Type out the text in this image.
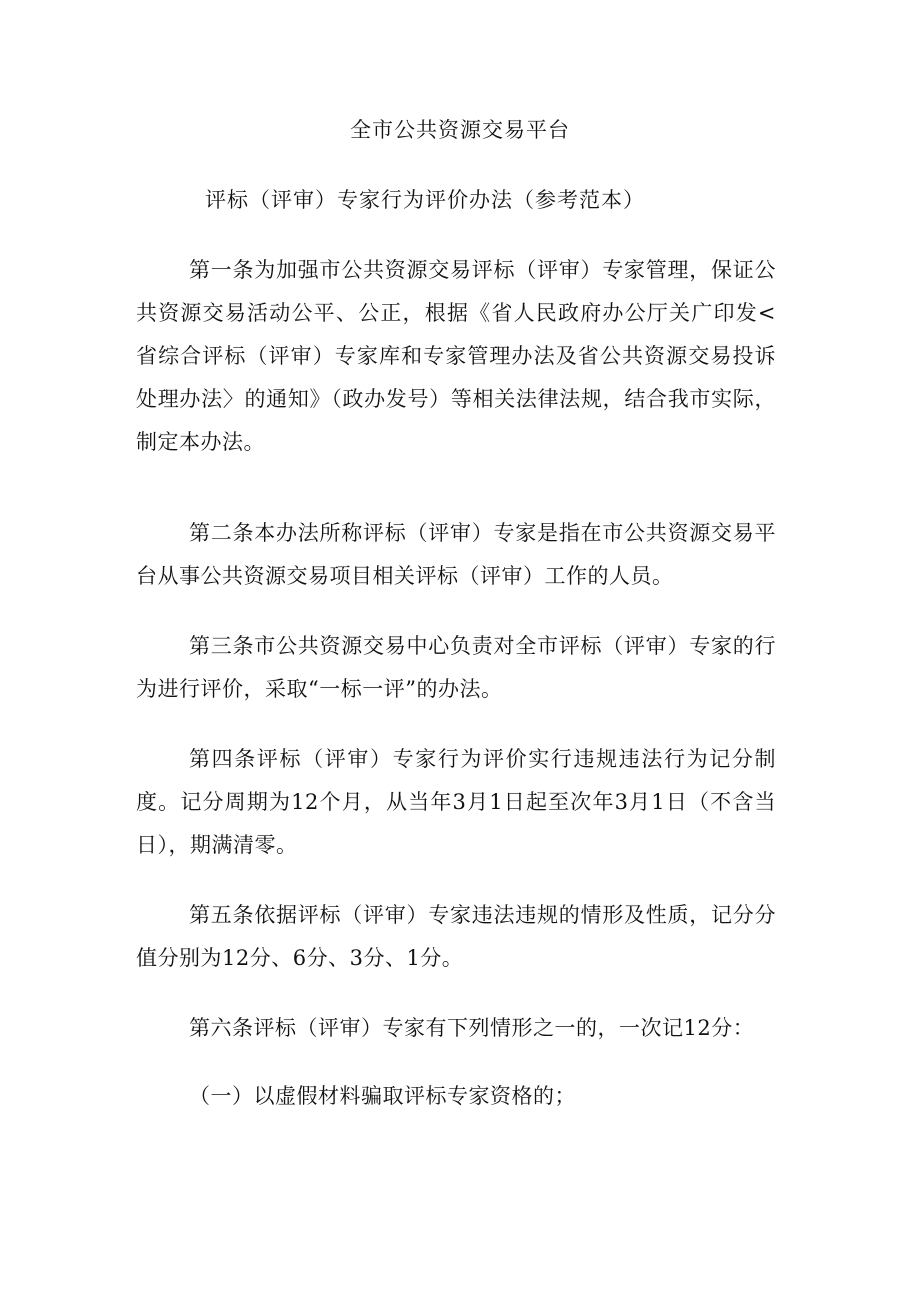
全市公共资源交易平台
评标（评审）专家行为评价办法（参考范本）
第一条为加强市公共资源交易评标（评审）专家管理，保证公共资源交易活动公平、公正，根据《省人民政府办公厅关广印发<省综合评标（评审）专家库和专家管理办法及省公共资源交易投诉处理办法〉的通知》（政办发号）等相关法律法规，结合我市实际，制定本办法。
第二条本办法所称评标（评审）专家是指在市公共资源交易平台从事公共资源交易项目相关评标（评审）工作的人员。
第三条市公共资源交易中心负责对全市评标（评审）专家的行为进行评价，采取“一标一评”的办法。
第四条评标（评审）专家行为评价实行违规违法行为记分制度。记分周期为12个月，从当年3月1日起至次年3月1日（不含当日），期满清零。
第五条依据评标（评审）专家违法违规的情形及性质，记分分值分别为12分、6分、3分、1分。
第六条评标（评审）专家有下列情形之一的，一次记12分：
（一）以虚假材料骗取评标专家资格的；
